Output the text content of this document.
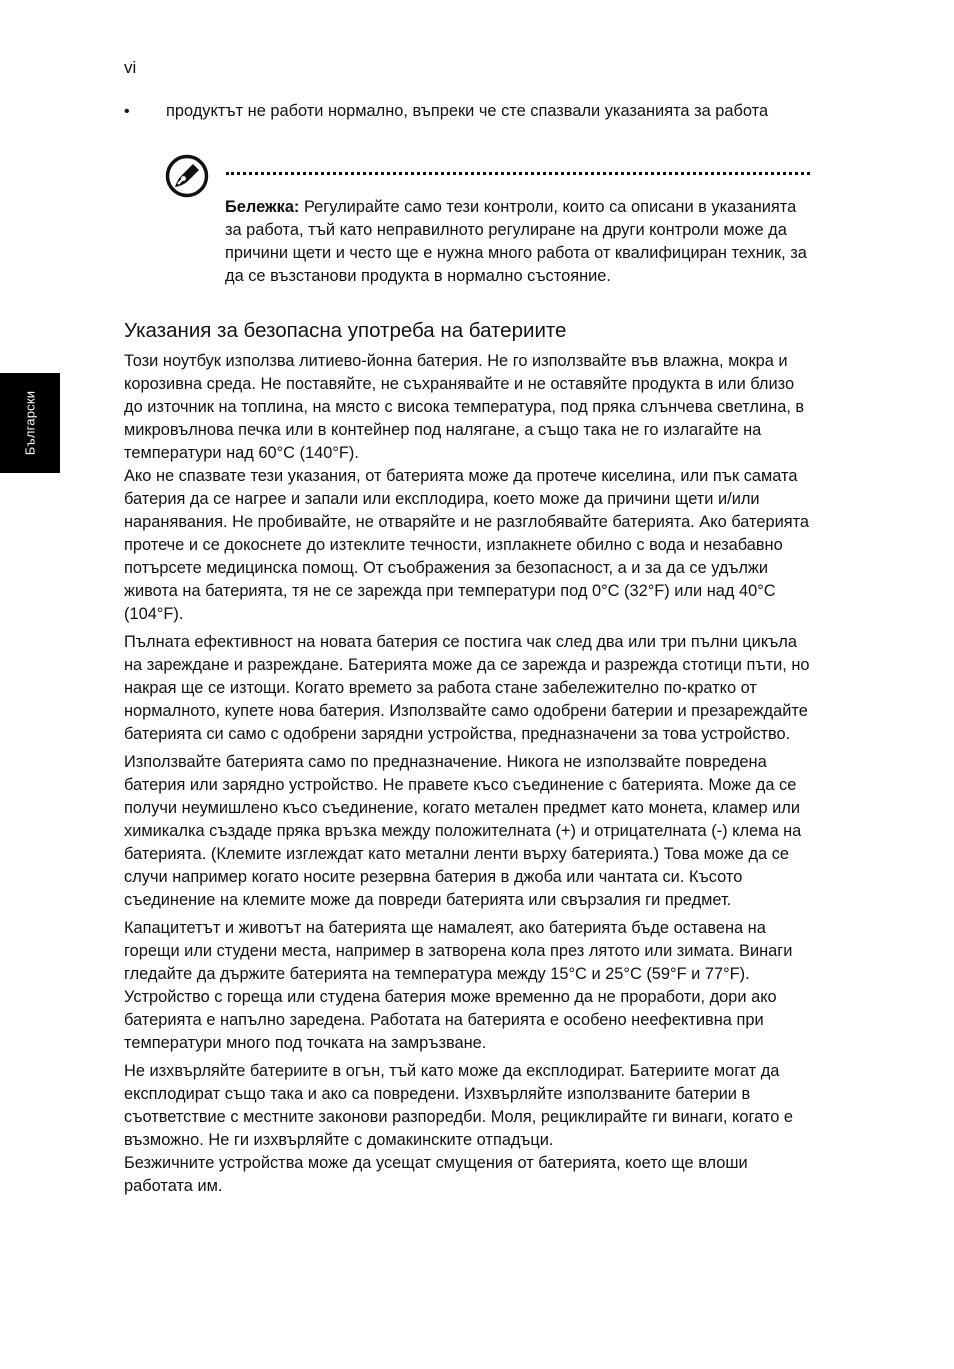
vi
Български
• продуктът не работи нормално, въпреки че сте спазвали указанията за работа
Бележка: Регулирайте само тези контроли, които са описани в указанията за работа, тъй като неправилното регулиране на други контроли може да причини щети и често ще е нужна много работа от квалифициран техник, за да се възстанови продукта в нормално състояние.
Указания за безопасна употреба на батериите

Този ноутбук използва литиево-йонна батерия. Не го използвайте във влажна, мокра и корозивна среда. Не поставяйте, не съхранявайте и не оставяйте продукта в или близо до източник на топлина, на място с висока температура, под пряка слънчева светлина, в микровълнова печка или в контейнер под налягане, а също така не го излагайте на температури над 60°C (140°F).

Ако не спазвате тези указания, от батерията може да протече киселина, или пък самата батерия да се нагрее и запали или експлодира, което може да причини щети и/или наранявания. Не пробивайте, не отваряйте и не разглобявайте батерията. Ако батерията протече и се докоснете до изтеклите течности, изплакнете обилно с вода и незабавно потърсете медицинска помощ. От съображения за безопасност, а и за да се удължи живота на батерията, тя не се зарежда при температури под 0°C (32°F) или над 40°C (104°F).

Пълната ефективност на новата батерия се постига чак след два или три пълни цикъла на зареждане и разреждане. Батерията може да се зарежда и разрежда стотици пъти, но накрая ще се изтощи. Когато времето за работа стане забележително по-кратко от нормалното, купете нова батерия. Използвайте само одобрени батерии и презареждайте батерията си само с одобрени зарядни устройства, предназначени за това устройство.

Използвайте батерията само по предназначение. Никога не използвайте повредена батерия или зарядно устройство. Не правете късо съединение с батерията. Може да се получи неумишлено късо съединение, когато метален предмет като монета, кламер или химикалка създаде пряка връзка между положителната (+) и отрицателната (-) клема на батерията. (Клемите изглеждат като метални ленти върху батерията.) Това може да се случи например когато носите резервна батерия в джоба или чантата си. Късото съединение на клемите може да повреди батерията или свързалия ги предмет.

Капацитетът и животът на батерията ще намалеят, ако батерията бъде оставена на горещи или студени места, например в затворена кола през лятото или зимата. Винаги гледайте да държите батерията на температура между 15°C и 25°C (59°F и 77°F). Устройство с гореща или студена батерия може временно да не проработи, дори ако батерията е напълно заредена. Работата на батерията е особено неефективна при температури много под точката на замръзване.

Не изхвърляйте батериите в огън, тъй като може да експлодират. Батериите могат да експлодират също така и ако са повредени. Изхвърляйте използваните батерии в съответствие с местните законови разпоредби. Моля, рециклирайте ги винаги, когато е възможно. Не ги изхвърляйте с домакинските отпадъци.

Безжичните устройства може да усещат смущения от батерията, което ще влоши работата им.
